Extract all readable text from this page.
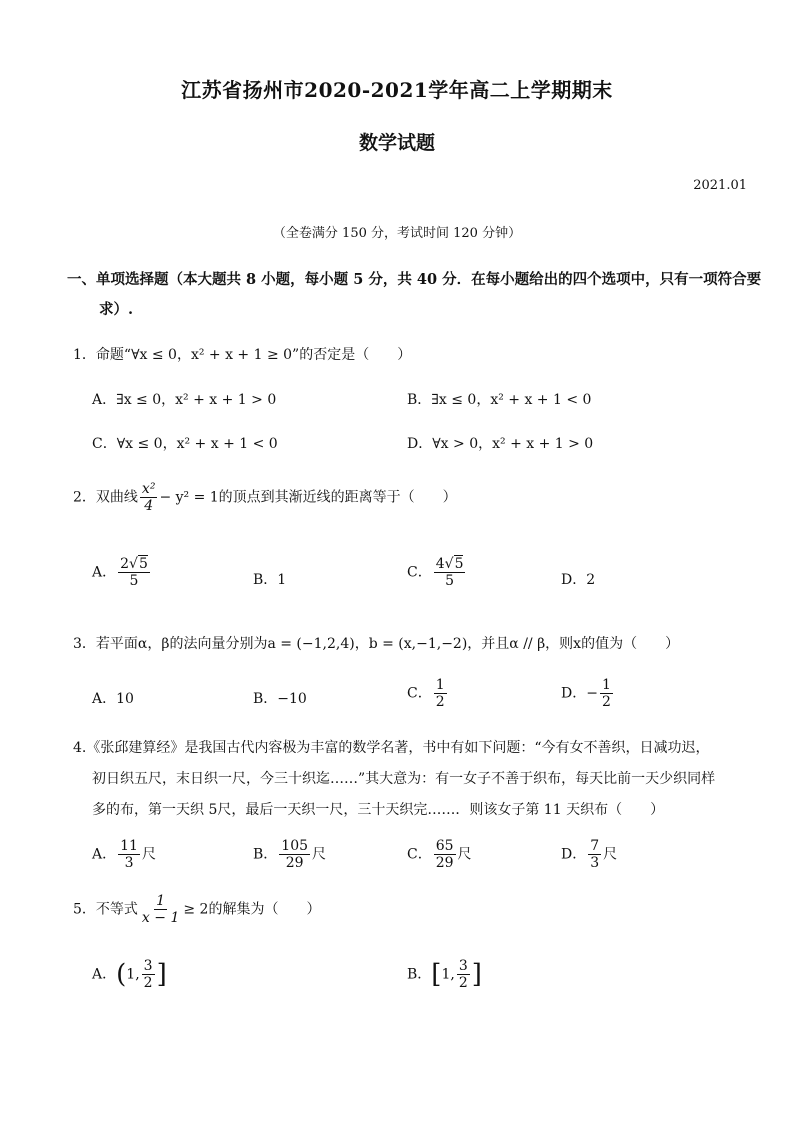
江苏省扬州市2020-2021学年高二上学期期末
数学试题
2021.01
（全卷满分 150 分，考试时间 120 分钟）
一、单项选择题（本大题共 8 小题，每小题 5 分，共 40 分．在每小题给出的四个选项中，只有一项符合要
求）.
1．命题“∀x ≤ 0，x² + x + 1 ≥ 0”的否定是（　　）
A．∃x ≤ 0，x² + x + 1 > 0	B．∃x ≤ 0，x² + x + 1 < 0
C．∀x ≤ 0，x² + x + 1 < 0	D．∀x > 0，x² + x + 1 > 0
2．双曲线 $\frac{\text{x²}}{4} - y^2 = 1$的顶点到其渐近线的距离等于（　　）
A． $\frac{2√5}{5}$	B．1	C． $\frac{4√5}{5}$	D．2
3．若平面α，β的法向量分别为a = (−1,2,4)，b = (x,−1,−2)，并且α // β，则x的值为（　　）
A．10	B．−10	C． $\frac{1}{2}$	D．− $\frac{1}{2}$
4.《张邱建算经》是我国古代内容极为丰富的数学名著，书中有如下问题：“今有女不善织，日减功迟，
初日织五尺，末日织一尺，今三十织迄……”其大意为：有一女子不善于织布，每天比前一天少织同样
多的布，第一天织 5尺，最后一天织一尺，三十天织完……．则该女子第 11 天织布（　　）
A． $\frac{11}{3}$ 尺	B． $\frac{105}{29}$ 尺	C． $\frac{65}{29}$ 尺	D． $\frac{7}{3}$ 尺
5．不等式 $\frac{1}{x - 1} \ge 2$的解集为（　　）
A．(1, $\frac{3}{2}$ ]	B．[1, $\frac{3}{2}$ ]
